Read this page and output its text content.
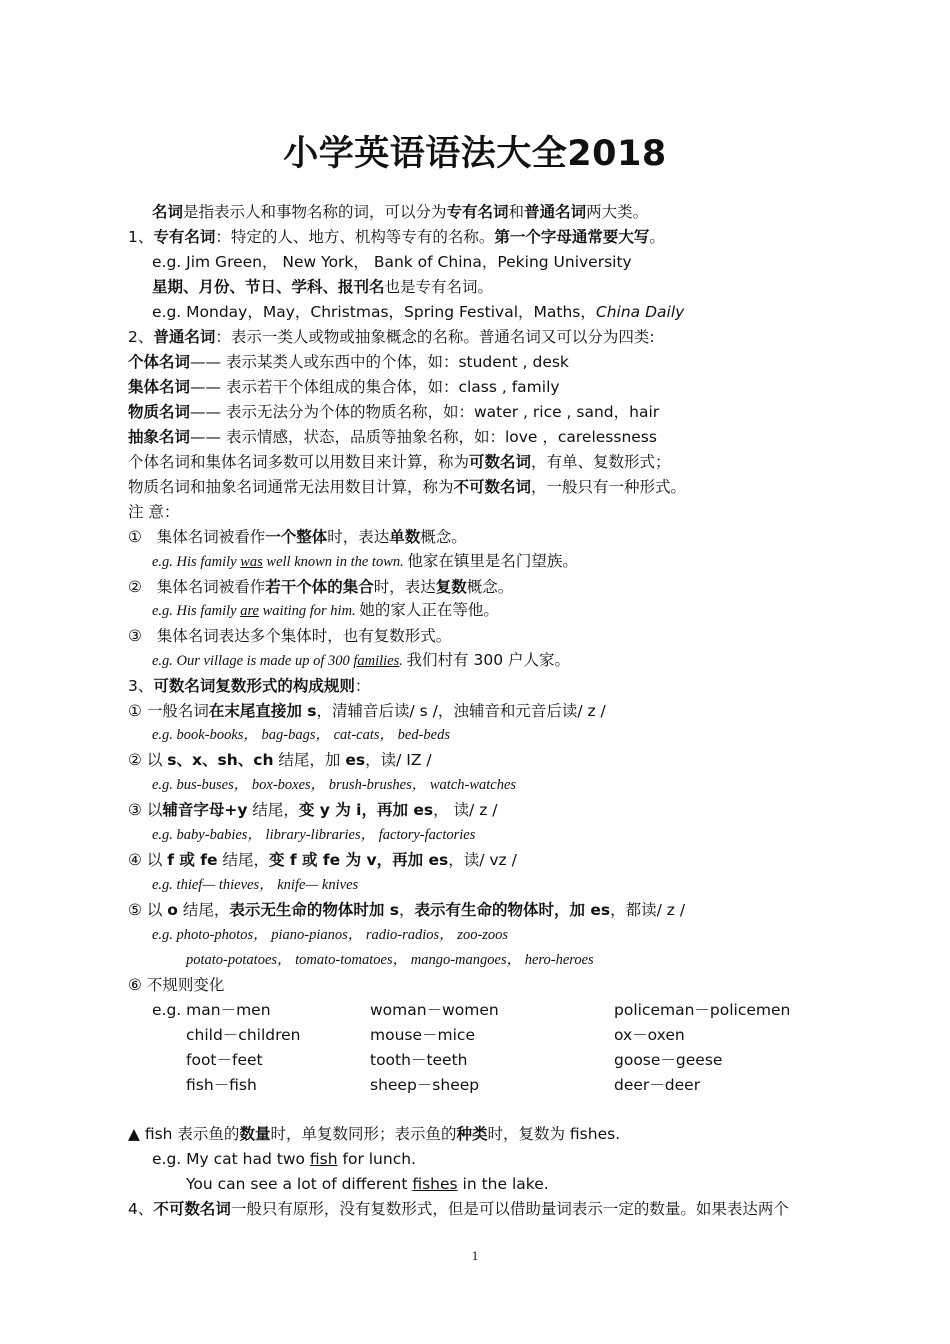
小学英语语法大全2018
名词是指表示人和事物名称的词，可以分为专有名词和普通名词两大类。
1、专有名词：特定的人、地方、机构等专有的名称。第一个字母通常要大写。
e.g. Jim Green， New York， Bank of China，Peking University
星期、月份、节日、学科、报刊名也是专有名词。
e.g. Monday，May，Christmas，Spring Festival，Maths，China Daily
2、普通名词：表示一类人或物或抽象概念的名称。普通名词又可以分为四类:
个体名词—— 表示某类人或东西中的个体，如：student , desk
集体名词—— 表示若干个体组成的集合体，如：class , family
物质名词—— 表示无法分为个体的物质名称，如：water , rice , sand，hair
抽象名词—— 表示情感，状态，品质等抽象名称，如：love ，carelessness
个体名词和集体名词多数可以用数目来计算，称为可数名词，有单、复数形式；
物质名词和抽象名词通常无法用数目计算，称为不可数名词，一般只有一种形式。
注 意：
① 集体名词被看作一个整体时，表达单数概念。
e.g. His family was well known in the town. 他家在镇里是名门望族。
② 集体名词被看作若干个体的集合时，表达复数概念。
e.g. His family are waiting for him. 她的家人正在等他。
③ 集体名词表达多个集体时，也有复数形式。
e.g. Our village is made up of 300 families. 我们村有 300 户人家。
3、可数名词复数形式的构成规则：
① 一般名词在末尾直接加 s，清辅音后读/ s /，浊辅音和元音后读/ z /
e.g. book-books， bag-bags， cat-cats， bed-beds
② 以 s、x、sh、ch 结尾，加 es，读/ IZ /
e.g. bus-buses， box-boxes， brush-brushes， watch-watches
③ 以辅音字母+y 结尾，变 y 为 i，再加 es， 读/ z /
e.g. baby-babies， library-libraries， factory-factories
④ 以 f 或 fe 结尾，变 f 或 fe 为 v，再加 es，读/ vz /
e.g. thief— thieves， knife— knives
⑤ 以 o 结尾，表示无生命的物体时加 s，表示有生命的物体时，加 es，都读/ z /
e.g. photo-photos， piano-pianos， radio-radios， zoo-zoos
potato-potatoes， tomato-tomatoes， mango-mangoes， hero-heroes
⑥ 不规则变化
e.g. man－men	woman－women	policeman－policemen
child－children	mouse－mice	ox－oxen
foot－feet	tooth－teeth	goose－geese
fish－fish	sheep－sheep	deer－deer
▲ fish 表示鱼的数量时，单复数同形；表示鱼的种类时，复数为 fishes.
e.g. My cat had two fish for lunch.
You can see a lot of different fishes in the lake.
4、不可数名词一般只有原形，没有复数形式，但是可以借助量词表示一定的数量。如果表达两个
1
